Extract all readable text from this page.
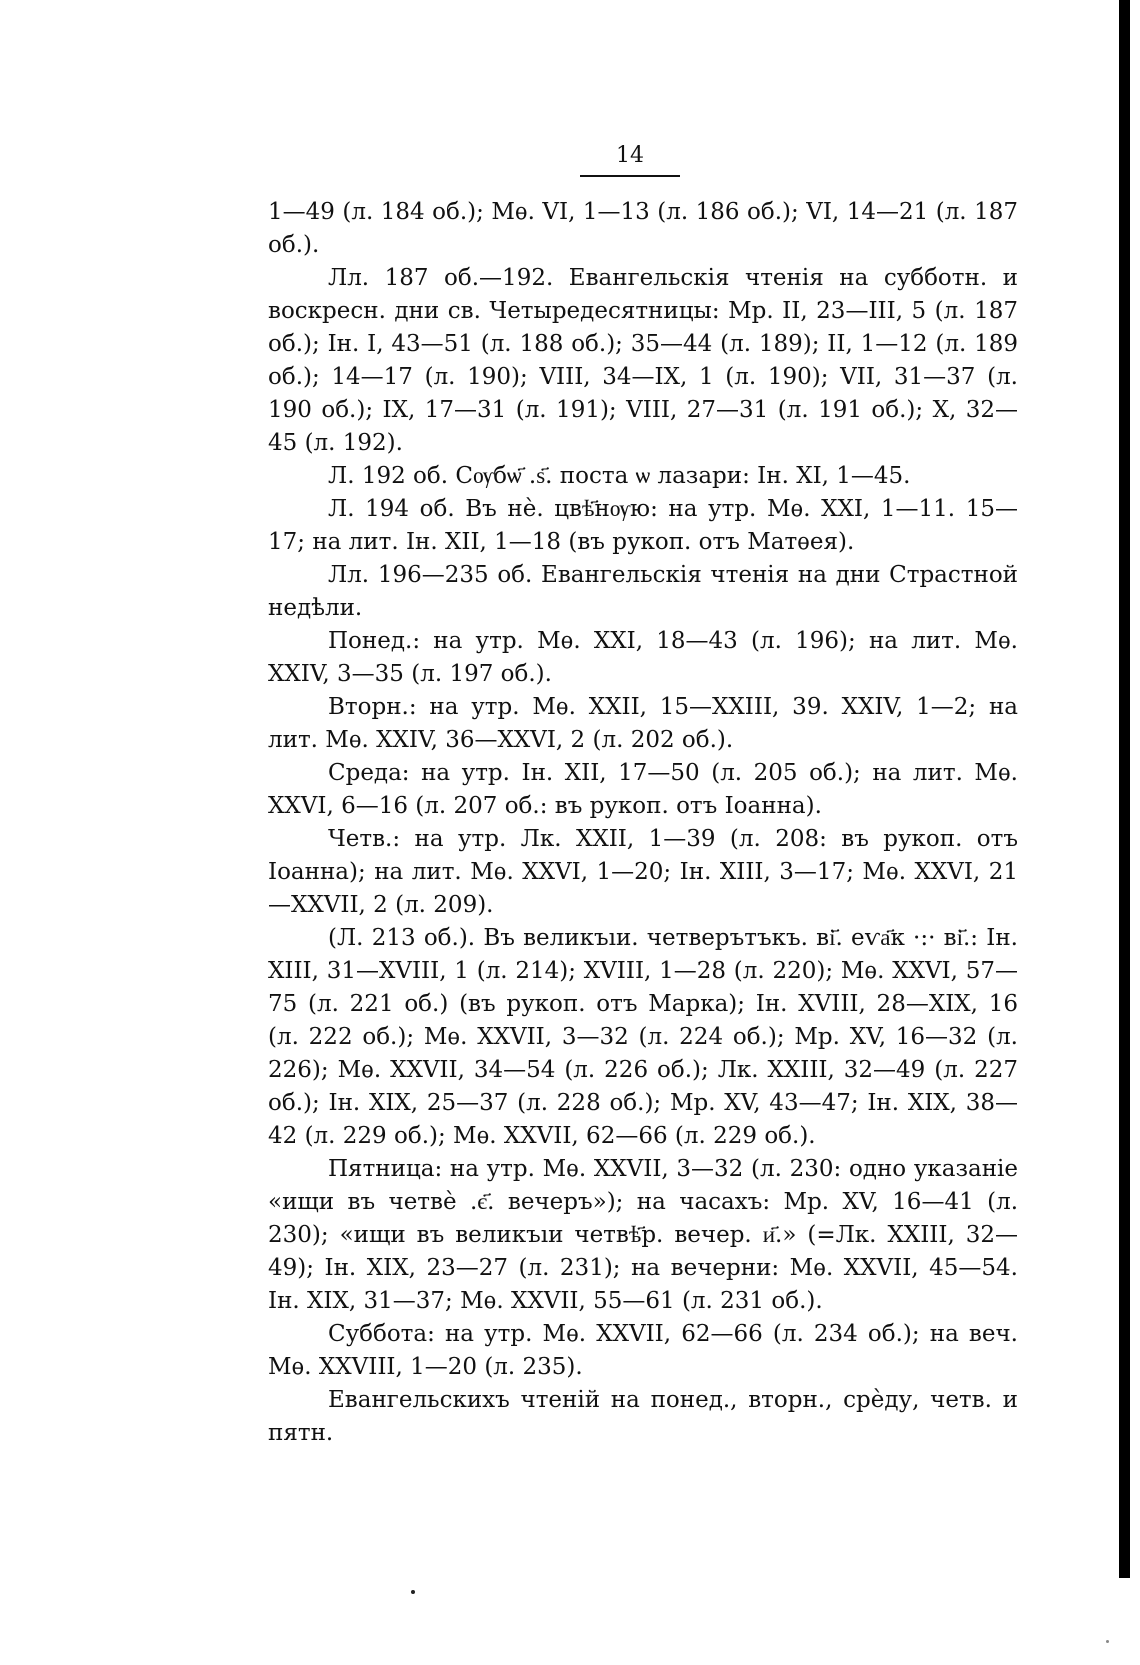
14

1—49 (л. 184 об.); Мѳ. VI, 1—13 (л. 186 об.); VI, 14—21 (л. 187 об.).

Лл. 187 об.—192. Евангельскія чтенія на субботн. и воскресн. дни св. Четыредесятницы: Мр. II, 23—III, 5 (л. 187 об.); Ін. I, 43—51 (л. 188 об.); 35—44 (л. 189); II, 1—12 (л. 189 об.); 14—17 (л. 190); VIII, 34—IX, 1 (л. 190); VII, 31—37 (л. 190 об.); IX, 17—31 (л. 191); VIII, 27—31 (л. 191 об.); X, 32—45 (л. 192).

Л. 192 об. Сѹбѡ҃ .ѕ҃. поста ѡ лазари: Ін. XI, 1—45.

Л. 194 об. Въ нѐ. цвѣ҃нѹю: на утр. Мѳ. XXI, 1—11. 15—17; на лит. Ін. XII, 1—18 (въ рукоп. отъ Матѳея).

Лл. 196—235 об. Евангельскія чтенія на дни Страстной недѣли.

Понед.: на утр. Мѳ. XXI, 18—43 (л. 196); на лит. Мѳ. XXIV, 3—35 (л. 197 об.).

Вторн.: на утр. Мѳ. XXII, 15—XXIII, 39. XXIV, 1—2; на лит. Мѳ. XXIV, 36—XXVI, 2 (л. 202 об.).

Среда: на утр. Ін. XII, 17—50 (л. 205 об.); на лит. Мѳ. XXVI, 6—16 (л. 207 об.: въ рукоп. отъ Іоанна).

Четв.: на утр. Лк. XXII, 1—39 (л. 208: въ рукоп. отъ Іоанна); на лит. Мѳ. XXVI, 1—20; Ін. XIII, 3—17; Мѳ. XXVI, 21—XXVII, 2 (л. 209).

(Л. 213 об.). Въ великъıи. четверътъкъ. ві҃. еѵа҃к ·:· ві҃.: Ін. XIII, 31—XVIII, 1 (л. 214); XVIII, 1—28 (л. 220); Мѳ. XXVI, 57—75 (л. 221 об.) (въ рукоп. отъ Марка); Ін. XVIII, 28—XIX, 16 (л. 222 об.); Мѳ. XXVII, 3—32 (л. 224 об.); Мр. XV, 16—32 (л. 226); Мѳ. XXVII, 34—54 (л. 226 об.); Лк. XXIII, 32—49 (л. 227 об.); Ін. XIX, 25—37 (л. 228 об.); Мр. XV, 43—47; Ін. XIX, 38—42 (л. 229 об.); Мѳ. XXVII, 62—66 (л. 229 об.).

Пятница: на утр. Мѳ. XXVII, 3—32 (л. 230: одно указаніе «ищи въ четвѐ .є҃. вечеръ»); на часахъ: Мр. XV, 16—41 (л. 230); «ищи въ великъıи четвѣ҃р. вечер. и҃.» (=Лк. XXIII, 32—49); Ін. XIX, 23—27 (л. 231); на вечерни: Мѳ. XXVII, 45—54. Ін. XIX, 31—37; Мѳ. XXVII, 55—61 (л. 231 об.).

Суббота: на утр. Мѳ. XXVII, 62—66 (л. 234 об.); на веч. Мѳ. XXVIII, 1—20 (л. 235).

Евангельскихъ чтеній на понед., вторн., срѐду, четв. и пятн.
